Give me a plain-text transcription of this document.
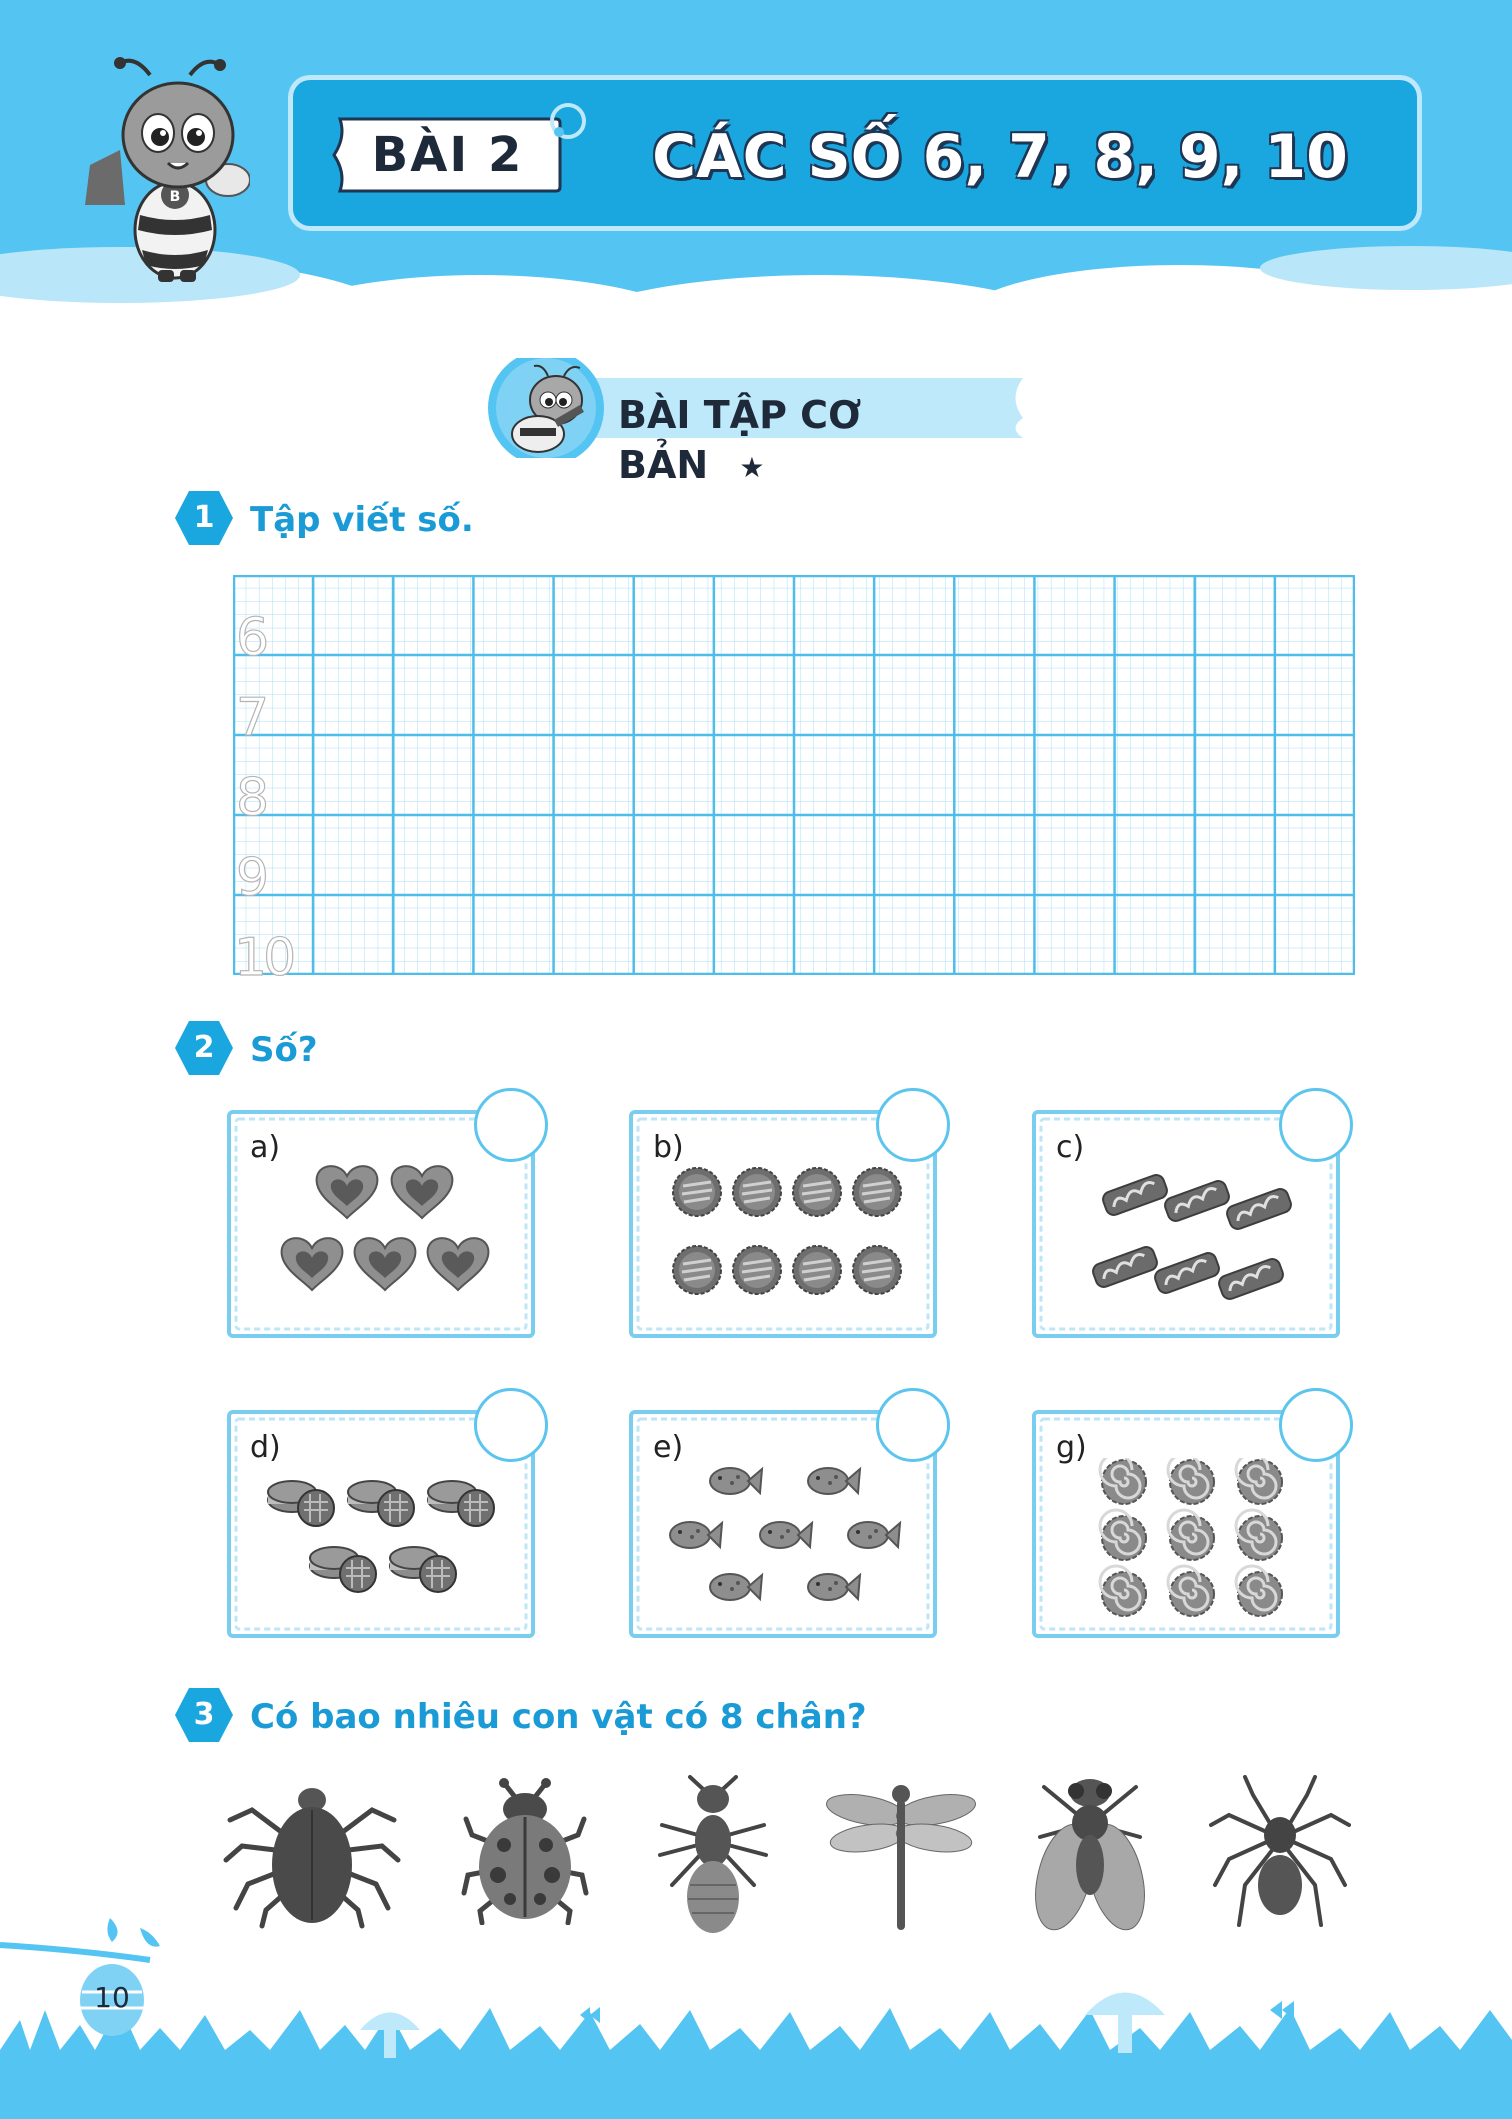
BÀI 2	CÁC SỐ 6, 7, 8, 9, 10
B
BÀI TẬP CƠ BẢN ★
1	Tập viết số.
6
7
8
9
10
2	Số?
a)	b)	c)
d)	e)	g)
3	Có bao nhiêu con vật có 8 chân?
10
